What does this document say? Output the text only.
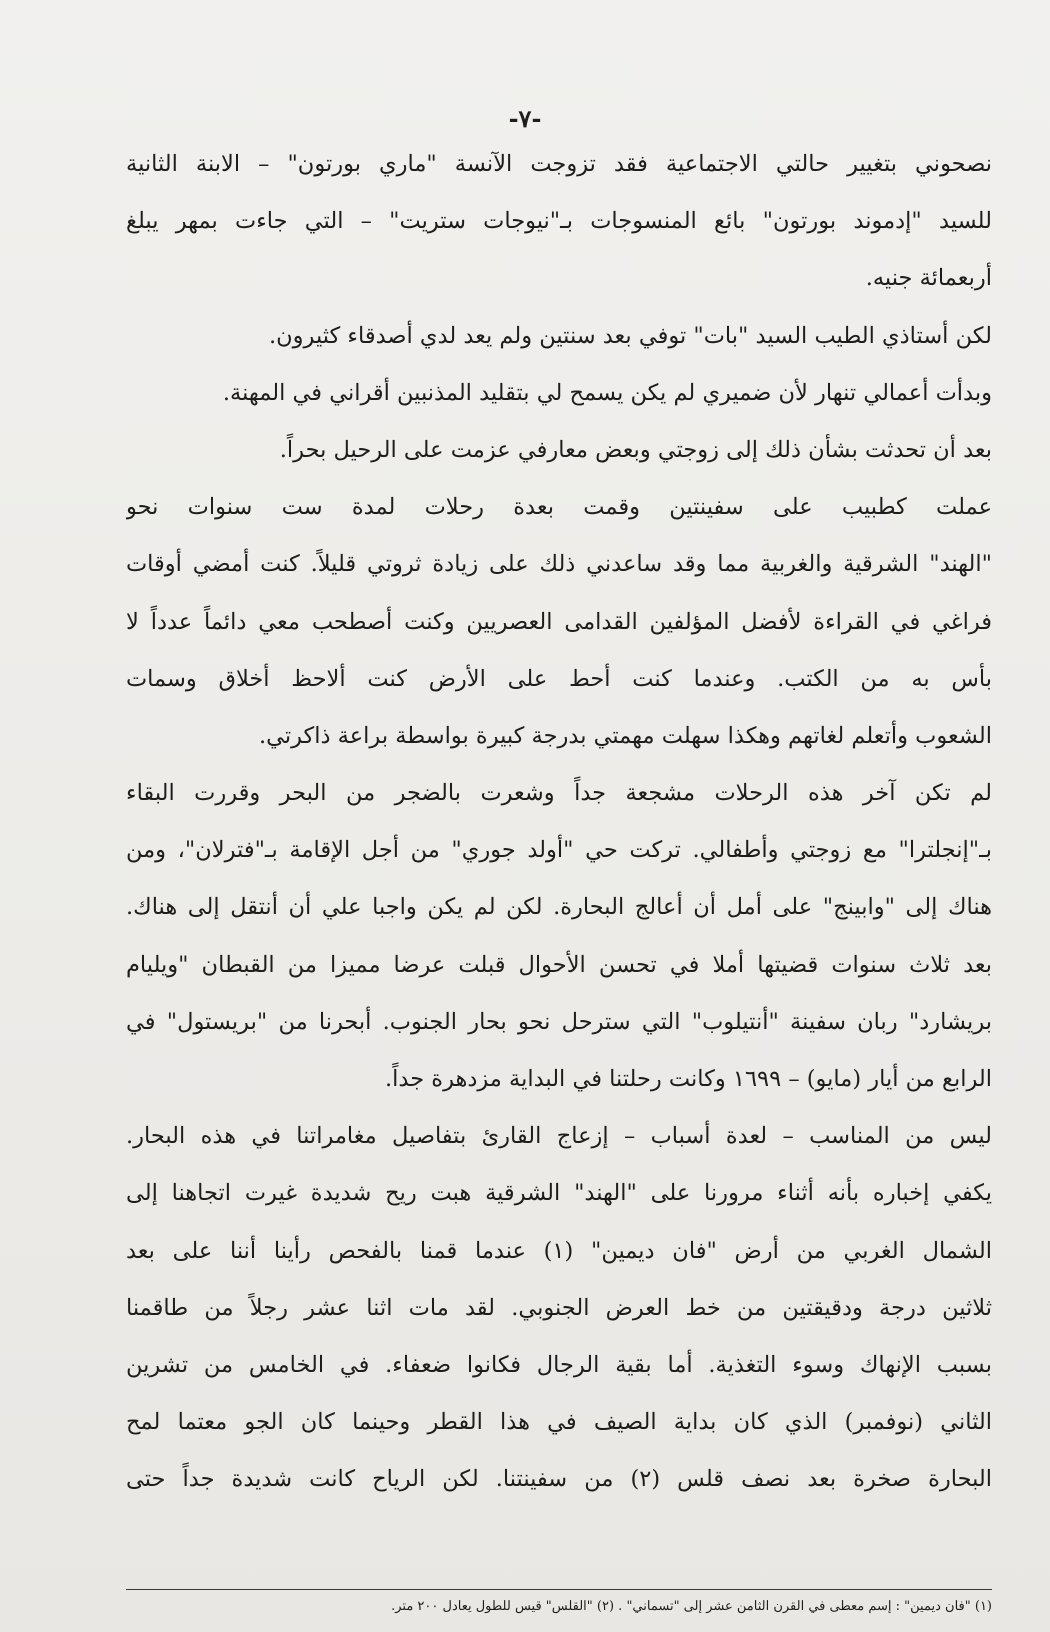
-٧-
نصحوني بتغيير حالتي الاجتماعية فقد تزوجت الآنسة "ماري بورتون" – الابنة الثانية
للسيد "إدموند بورتون" بائع المنسوجات بـ"نيوجات ستريت" – التي جاءت بمهر يبلغ
أربعمائة جنيه.
لكن أستاذي الطيب السيد "بات" توفي بعد سنتين ولم يعد لدي أصدقاء كثيرون.
وبدأت أعمالي تنهار لأن ضميري لم يكن يسمح لي بتقليد المذنبين أقراني في المهنة.
بعد أن تحدثت بشأن ذلك إلى زوجتي وبعض معارفي عزمت على الرحيل بحراً.
عملت كطبيب على سفينتين وقمت بعدة رحلات لمدة ست سنوات نحو
"الهند" الشرقية والغربية مما وقد ساعدني ذلك على زيادة ثروتي قليلاً. كنت أمضي أوقات
فراغي في القراءة لأفضل المؤلفين القدامى العصريين وكنت أصطحب معي دائماً عدداً لا
بأس به من الكتب. وعندما كنت أحط على الأرض كنت ألاحظ أخلاق وسمات
الشعوب وأتعلم لغاتهم وهكذا سهلت مهمتي بدرجة كبيرة بواسطة براعة ذاكرتي.
لم تكن آخر هذه الرحلات مشجعة جداً وشعرت بالضجر من البحر وقررت البقاء
بـ"إنجلترا" مع زوجتي وأطفالي. تركت حي "أولد جوري" من أجل الإقامة بـ"فترلان"، ومن
هناك إلى "وابينج" على أمل أن أعالج البحارة. لكن لم يكن واجبا علي أن أنتقل إلى هناك.
بعد ثلاث سنوات قضيتها أملا في تحسن الأحوال قبلت عرضا مميزا من القبطان "ويليام
بريشارد" ربان سفينة "أنتيلوب" التي سترحل نحو بحار الجنوب. أبحرنا من "بريستول" في
الرابع من أيار (مايو) – ١٦٩٩ وكانت رحلتنا في البداية مزدهرة جداً.
ليس من المناسب – لعدة أسباب – إزعاج القارئ بتفاصيل مغامراتنا في هذه البحار.
يكفي إخباره بأنه أثناء مرورنا على "الهند" الشرقية هبت ريح شديدة غيرت اتجاهنا إلى
الشمال الغربي من أرض "فان ديمين" (١) عندما قمنا بالفحص رأينا أننا على بعد
ثلاثين درجة ودقيقتين من خط العرض الجنوبي. لقد مات اثنا عشر رجلاً من طاقمنا
بسبب الإنهاك وسوء التغذية. أما بقية الرجال فكانوا ضعفاء. في الخامس من تشرين
الثاني (نوفمبر) الذي كان بداية الصيف في هذا القطر وحينما كان الجو معتما لمح
البحارة صخرة بعد نصف قلس (٢) من سفينتنا. لكن الرياح كانت شديدة جداً حتى
(١) "فان ديمين" : إسم معطى في القرن الثامن عشر إلى "تسماني" . (٢) "القلس" قيس للطول يعادل ٢٠٠ متر.
